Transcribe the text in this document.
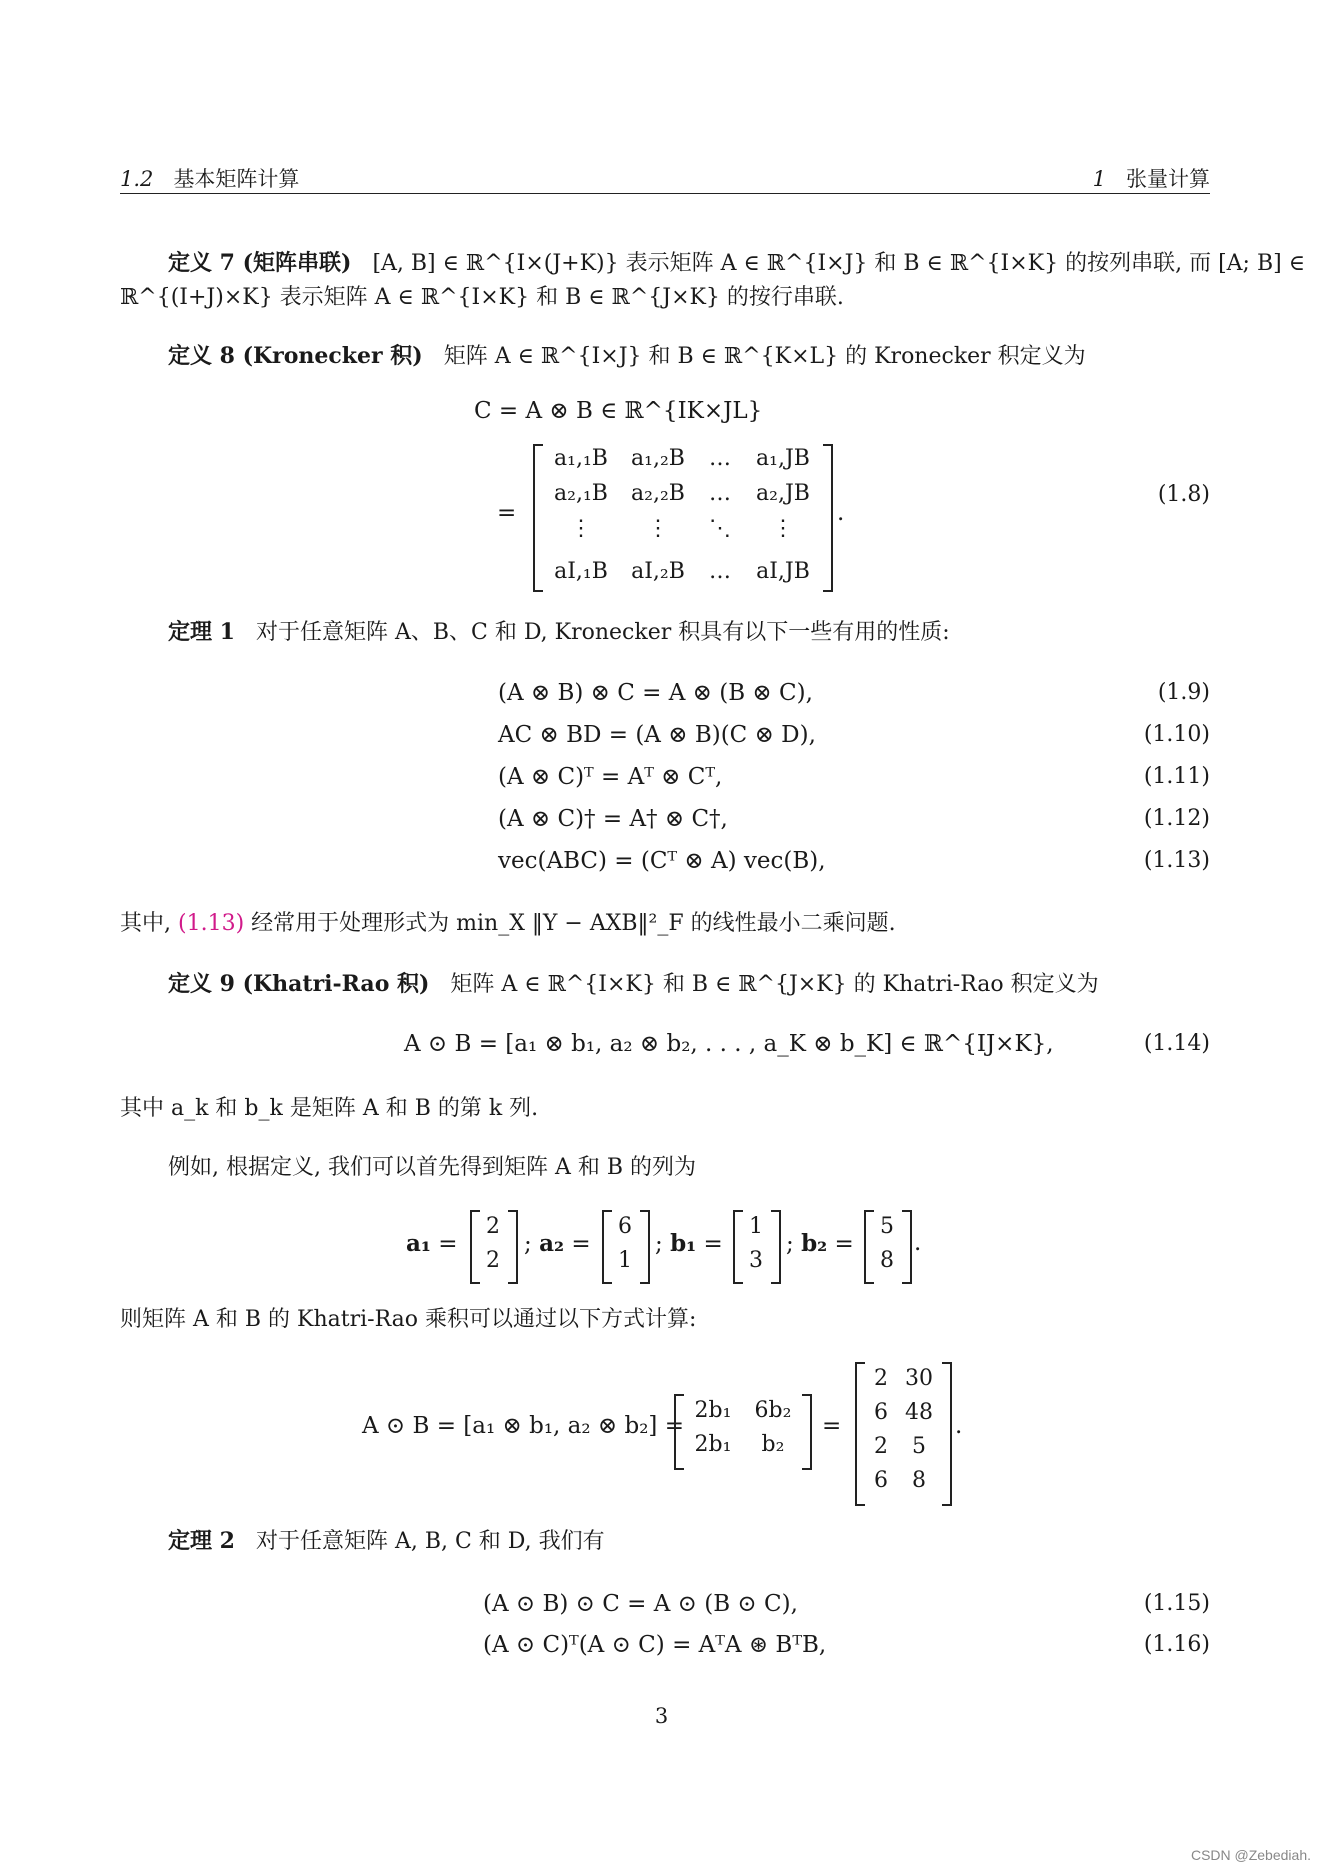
1.2 基本矩阵计算	1 张量计算
定义 7 (矩阵串联) [A, B] ∈ ℝ^{I×(J+K)} 表示矩阵 A ∈ ℝ^{I×J} 和 B ∈ ℝ^{I×K} 的按列串联, 而 [A; B] ∈
ℝ^{(I+J)×K} 表示矩阵 A ∈ ℝ^{I×K} 和 B ∈ ℝ^{J×K} 的按行串联.
定义 8 (Kronecker 积) 矩阵 A ∈ ℝ^{I×J} 和 B ∈ ℝ^{K×L} 的 Kronecker 积定义为
C = A ⊗ B ∈ ℝ^{IK×JL}
=
a₁,₁B a₁,₂B	…	a₁,JB
a₂,₁B a₂,₂B	…	a₂,JB
⋮	⋮	⋱	⋮
aI,₁B aI,₂B	…	aI,JB
.
(1.8)
定理 1 对于任意矩阵 A、B、C 和 D, Kronecker 积具有以下一些有用的性质:
(A ⊗ B) ⊗ C = A ⊗ (B ⊗ C),	(1.9)
AC ⊗ BD = (A ⊗ B)(C ⊗ D),	(1.10)
(A ⊗ C)ᵀ = Aᵀ ⊗ Cᵀ,	(1.11)
(A ⊗ C)† = A† ⊗ C†,	(1.12)
vec(ABC) = (Cᵀ ⊗ A) vec(B),	(1.13)
其中, (1.13) 经常用于处理形式为 min_X ‖Y − AXB‖²_F 的线性最小二乘问题.
定义 9 (Khatri-Rao 积) 矩阵 A ∈ ℝ^{I×K} 和 B ∈ ℝ^{J×K} 的 Khatri-Rao 积定义为
A ⊙ B = [a₁ ⊗ b₁, a₂ ⊗ b₂, . . . , a_K ⊗ b_K] ∈ ℝ^{IJ×K},	(1.14)
其中 a_k 和 b_k 是矩阵 A 和 B 的第 k 列.
例如, 根据定义, 我们可以首先得到矩阵 A 和 B 的列为
a₁ =
2
2
; a₂ =
6
1
; b₁ =
1
3
; b₂ =
5
8
.
则矩阵 A 和 B 的 Khatri-Rao 乘积可以通过以下方式计算:
A ⊙ B = [a₁ ⊗ b₁, a₂ ⊗ b₂] =
2b₁	6b₂
2b₁	b₂
=
2 30
6 48
2	5
6	8
.
定理 2 对于任意矩阵 A, B, C 和 D, 我们有
(A ⊙ B) ⊙ C = A ⊙ (B ⊙ C),	(1.15)
(A ⊙ C)ᵀ(A ⊙ C) = AᵀA ⊛ BᵀB,	(1.16)
3
CSDN @Zebediah.
